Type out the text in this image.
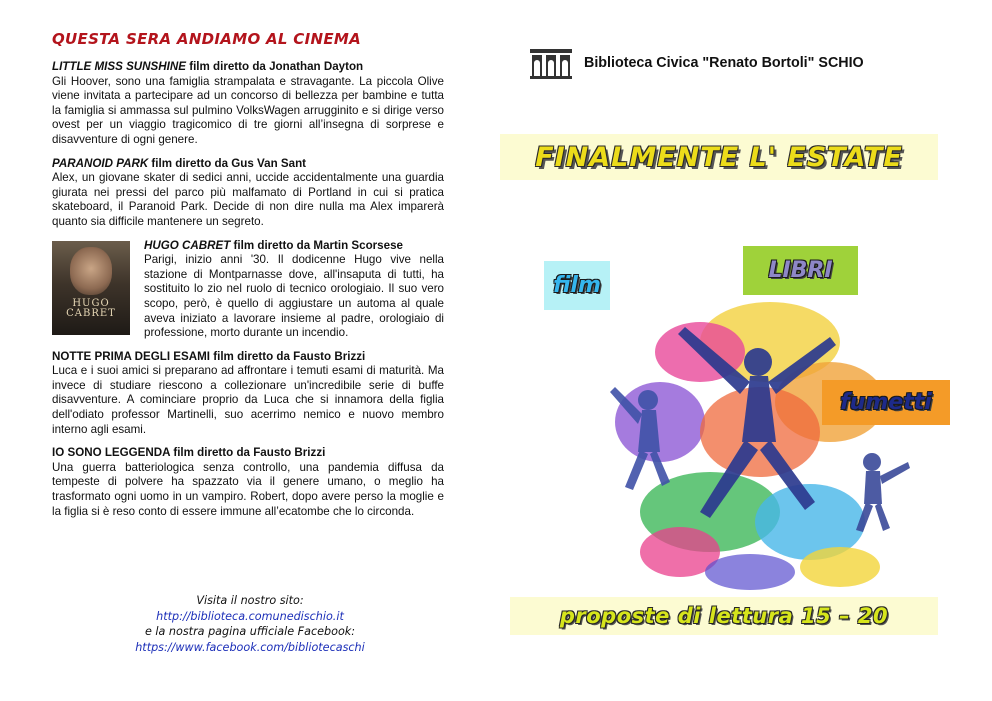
QUESTA SERA ANDIAMO AL CINEMA
LITTLE MISS SUNSHINE film diretto da Jonathan Dayton
Gli Hoover, sono una famiglia strampalata e stravagante. La piccola Olive viene invitata a partecipare ad un concorso di bellezza per bambine e tutta la famiglia si ammassa sul pulmino VolksWagen arrugginito e si dirige verso ovest per un viaggio tragicomico di tre giorni all’insegna di sorprese e disavventure di ogni genere.
PARANOID PARK film diretto da Gus Van Sant
Alex, un giovane skater di sedici anni, uccide accidentalmente una guardia giurata nei pressi del parco più malfamato di Portland in cui si pratica skateboard, il Paranoid Park. Decide di non dire nulla ma Alex imparerà quanto sia difficile mantenere un segreto.
HUGO CABRET
HUGO CABRET film diretto da Martin Scorsese
Parigi, inizio anni '30. Il dodicenne Hugo vive nella stazione di Montparnasse dove, all'insaputa di tutti, ha sostituito lo zio nel ruolo di tecnico orologiaio. Il suo vero scopo, però, è quello di aggiustare un automa al quale aveva iniziato a lavorare insieme al padre, orologiaio di professione, morto durante un incendio.
NOTTE PRIMA DEGLI ESAMI film diretto da Fausto Brizzi
Luca e i suoi amici si preparano ad affrontare i temuti esami di maturità. Ma invece di studiare riescono a collezionare un'incredibile serie di buffe disavventure. A cominciare proprio da Luca che si innamora della figlia dell'odiato professor Martinelli, suo acerrimo nemico e nuovo membro interno agli esami.
IO SONO LEGGENDA film diretto da Fausto Brizzi
Una guerra batteriologica senza controllo, una pandemia diffusa da tempeste di polvere ha spazzato via il genere umano, o meglio ha trasformato ogni uomo in un vampiro. Robert, dopo avere perso la moglie e la figlia si è reso conto di essere immune all’ecatombe che lo circonda.
Visita il nostro sito:
http://biblioteca.comunedischio.it
e la nostra pagina ufficiale Facebook:
https://www.facebook.com/bibliotecaschi
Biblioteca Civica "Renato Bortoli" SCHIO
FINALMENTE L' ESTATE
film
LIBRI
fumetti
proposte di lettura 15 – 20
